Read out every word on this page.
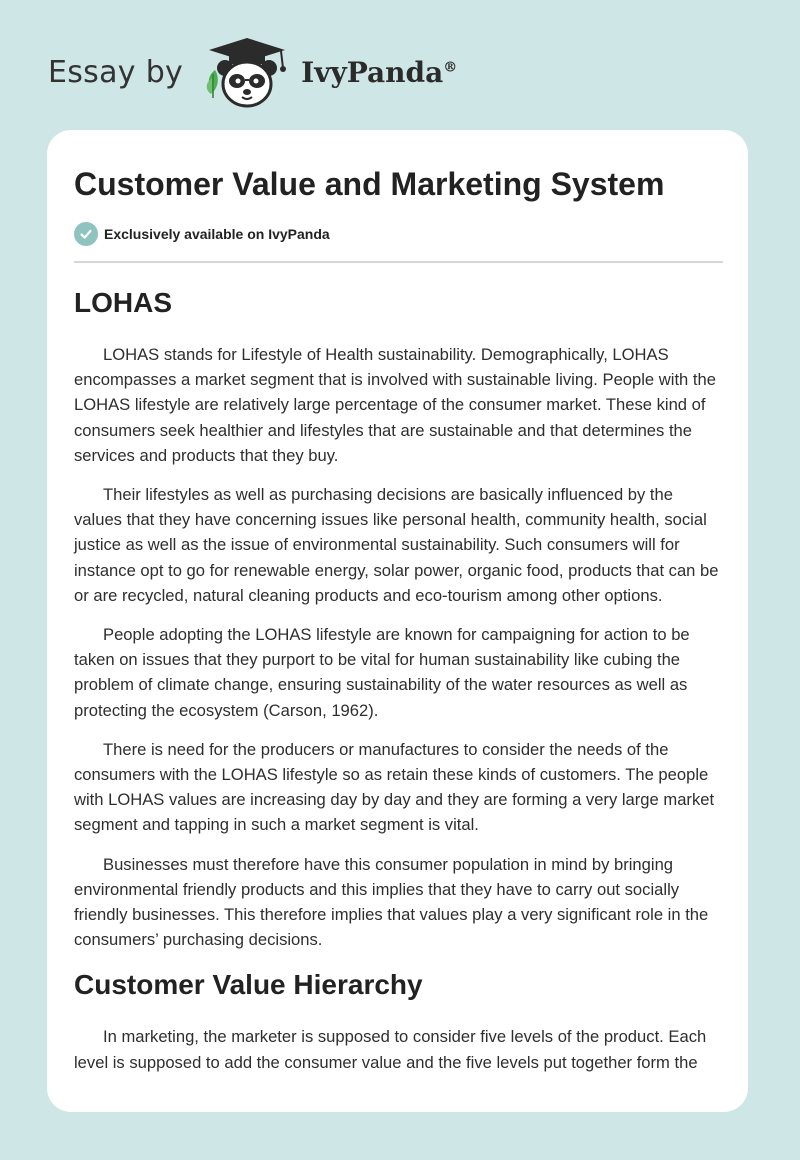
Essay by	IvyPanda®
Customer Value and Marketing System
Exclusively available on IvyPanda
LOHAS

LOHAS stands for Lifestyle of Health sustainability. Demographically, LOHAS encompasses a market segment that is involved with sustainable living. People with the LOHAS lifestyle are relatively large percentage of the consumer market. These kind of consumers seek healthier and lifestyles that are sustainable and that determines the services and products that they buy.

Their lifestyles as well as purchasing decisions are basically influenced by the values that they have concerning issues like personal health, community health, social justice as well as the issue of environmental sustainability. Such consumers will for instance opt to go for renewable energy, solar power, organic food, products that can be or are recycled, natural cleaning products and eco-tourism among other options.

People adopting the LOHAS lifestyle are known for campaigning for action to be taken on issues that they purport to be vital for human sustainability like cubing the problem of climate change, ensuring sustainability of the water resources as well as protecting the ecosystem (Carson, 1962).

There is need for the producers or manufactures to consider the needs of the consumers with the LOHAS lifestyle so as retain these kinds of customers. The people with LOHAS values are increasing day by day and they are forming a very large market segment and tapping in such a market segment is vital.

Businesses must therefore have this consumer population in mind by bringing environmental friendly products and this implies that they have to carry out socially friendly businesses. This therefore implies that values play a very significant role in the consumers’ purchasing decisions.

Customer Value Hierarchy

In marketing, the marketer is supposed to consider five levels of the product. Each level is supposed to add the consumer value and the five levels put together form the
